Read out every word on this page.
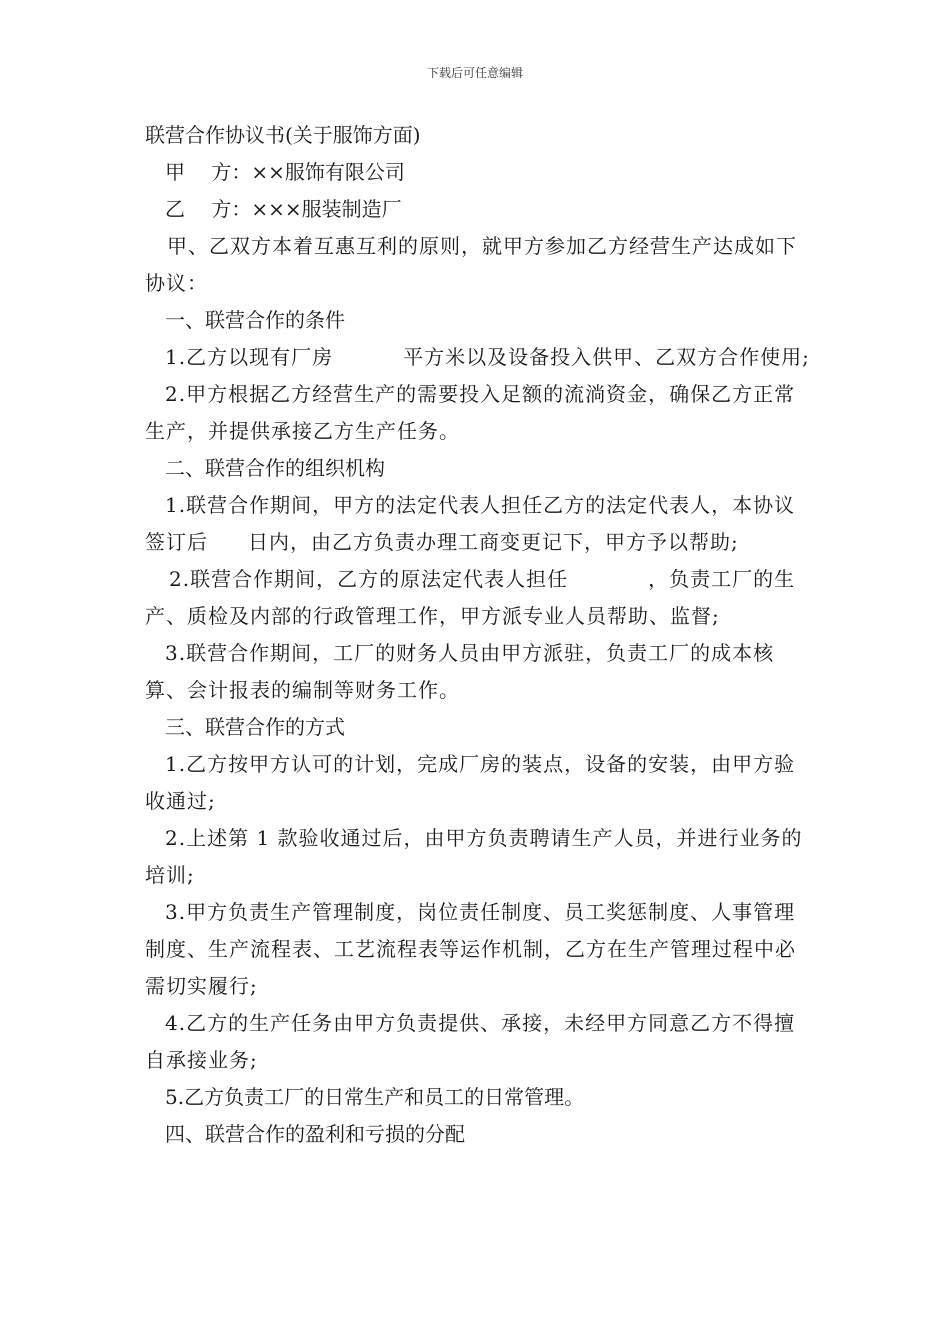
下载后可任意编辑
联营合作协议书(关于服饰方面)
甲　 方：××服饰有限公司
乙　 方：×××服装制造厂
甲、乙双方本着互惠互利的原则，就甲方参加乙方经营生产达成如下协议：
一、联营合作的条件
1.乙方以现有厂房	平方米以及设备投入供甲、乙双方合作使用;
2.甲方根据乙方经营生产的需要投入足额的流淌资金，确保乙方正常生产，并提供承接乙方生产任务。
二、联营合作的组织机构
1.联营合作期间，甲方的法定代表人担任乙方的法定代表人，本协议签订后 日内，由乙方负责办理工商变更记下，甲方予以帮助;
2.联营合作期间，乙方的原法定代表人担任	，负责工厂的生产、质检及内部的行政管理工作，甲方派专业人员帮助、监督;
3.联营合作期间，工厂的财务人员由甲方派驻，负责工厂的成本核算、会计报表的编制等财务工作。
三、联营合作的方式
1.乙方按甲方认可的计划，完成厂房的装点，设备的安装，由甲方验收通过;
2.上述第 1 款验收通过后，由甲方负责聘请生产人员，并进行业务的培训;
3.甲方负责生产管理制度，岗位责任制度、员工奖惩制度、人事管理制度、生产流程表、工艺流程表等运作机制，乙方在生产管理过程中必需切实履行;
4.乙方的生产任务由甲方负责提供、承接，未经甲方同意乙方不得擅自承接业务;
5.乙方负责工厂的日常生产和员工的日常管理。
四、联营合作的盈利和亏损的分配
